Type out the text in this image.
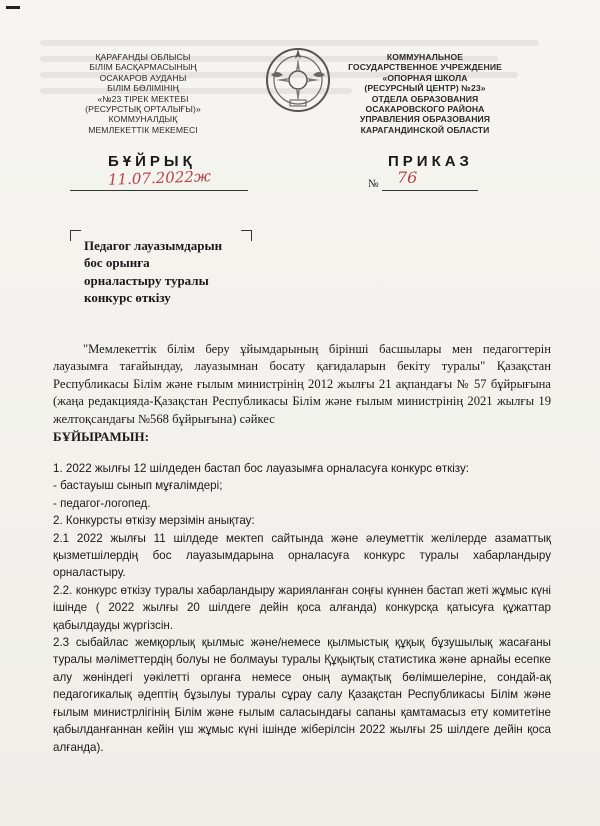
ҚАРАҒАНДЫ ОБЛЫСЫ
БІЛІМ БАСҚАРМАСЫНЫҢ
ОСАКАРОВ АУДАНЫ
БІЛІМ БӨЛІМІНІҢ
«№23 ТІРЕК МЕКТЕБІ
(РЕСУРСТЫҚ ОРТАЛЫҒЫ)»
КОММУНАЛДЫҚ
МЕМЛЕКЕТТІК МЕКЕМЕСІ
КОММУНАЛЬНОЕ
ГОСУДАРСТВЕННОЕ УЧРЕЖДЕНИЕ
«ОПОРНАЯ ШКОЛА
(РЕСУРСНЫЙ ЦЕНТР) №23»
ОТДЕЛА ОБРАЗОВАНИЯ
ОСАКАРОВСКОГО РАЙОНА
УПРАВЛЕНИЯ ОБРАЗОВАНИЯ
КАРАГАНДИНСКОЙ ОБЛАСТИ
БҰЙРЫҚ	ПРИКАЗ
11.07.2022ж	№ 76
Педагог лауазымдарын
бос орынға
орналастыру туралы
конкурс өткізу
"Мемлекеттік білім беру ұйымдарының бірінші басшылары мен педагогтерін лауазымға тағайындау, лауазымнан босату қағидаларын бекіту туралы" Қазақстан Республикасы Білім және ғылым министрінің 2012 жылғы 21 ақпандағы № 57 бұйрығына (жаңа редакцияда-Қазақстан Республикасы Білім және ғылым министрінің 2021 жылғы 19 желтоқсандағы №568 бұйрығына) сәйкес
БҰЙЫРАМЫН:
1. 2022 жылғы 12 шілдеден бастап бос лауазымға орналасуға конкурс өткізу:
- бастауыш сынып мұғалімдері;
- педагог-логопед.
2. Конкурсты өткізу мерзімін анықтау:
2.1 2022 жылғы 11 шілдеде мектеп сайтында және әлеуметтік желілерде азаматтық қызметшілердің бос лауазымдарына орналасуға конкурс туралы хабарландыру орналастыру.
2.2. конкурс өткізу туралы хабарландыру жарияланған соңғы күннен бастап жеті жұмыс күні ішінде ( 2022 жылғы 20 шілдеге дейін қоса алғанда) конкурсқа қатысуға құжаттар қабылдауды жүргізсін.
2.3 сыбайлас жемқорлық қылмыс және/немесе қылмыстық құқық бұзушылық жасағаны туралы мәліметтердің болуы не болмауы туралы Құқықтық статистика және арнайы есепке алу жөніндегі уәкілетті органға немесе оның аумақтық бөлімшелеріне, сондай-ақ педагогикалық әдептің бұзылуы туралы сұрау салу Қазақстан Республикасы Білім және ғылым министрлігінің Білім және ғылым саласындағы сапаны қамтамасыз ету комитетіне қабылданғаннан кейін үш жұмыс күні ішінде жіберілсін 2022 жылғы 25 шілдеге дейін қоса алғанда).
